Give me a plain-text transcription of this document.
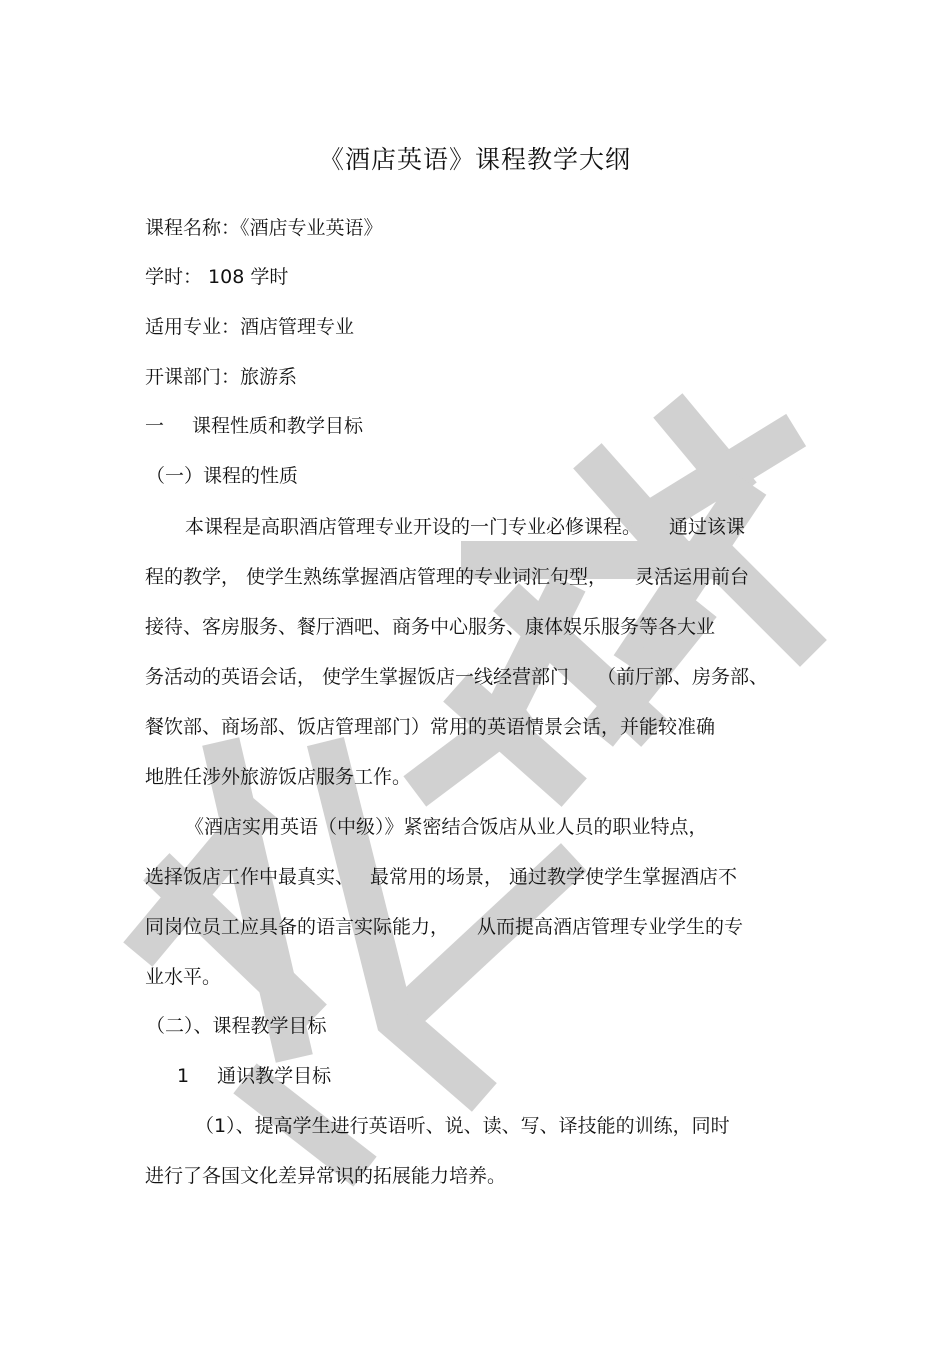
《酒店英语》课程教学大纲
课程名称：《酒店专业英语》
学时： 108 学时
适用专业：酒店管理专业
开课部门：旅游系
一 课程性质和教学目标
（一）课程的性质
本课程是高职酒店管理专业开设的一门专业必修课程。 通过该课
程的教学， 使学生熟练掌握酒店管理的专业词汇句型， 灵活运用前台
接待、客房服务、餐厅酒吧、商务中心服务、康体娱乐服务等各大业
务活动的英语会话， 使学生掌握饭店一线经营部门 （前厅部、房务部、
餐饮部、商场部、饭店管理部门）常用的英语情景会话，并能较准确
地胜任涉外旅游饭店服务工作。
《酒店实用英语（中级）》紧密结合饭店从业人员的职业特点，
选择饭店工作中最真实、 最常用的场景， 通过教学使学生掌握酒店不
同岗位员工应具备的语言实际能力， 从而提高酒店管理专业学生的专
业水平。
（二）、课程教学目标
1 通识教学目标
（1）、提高学生进行英语听、说、读、写、译技能的训练，同时
进行了各国文化差异常识的拓展能力培养。
